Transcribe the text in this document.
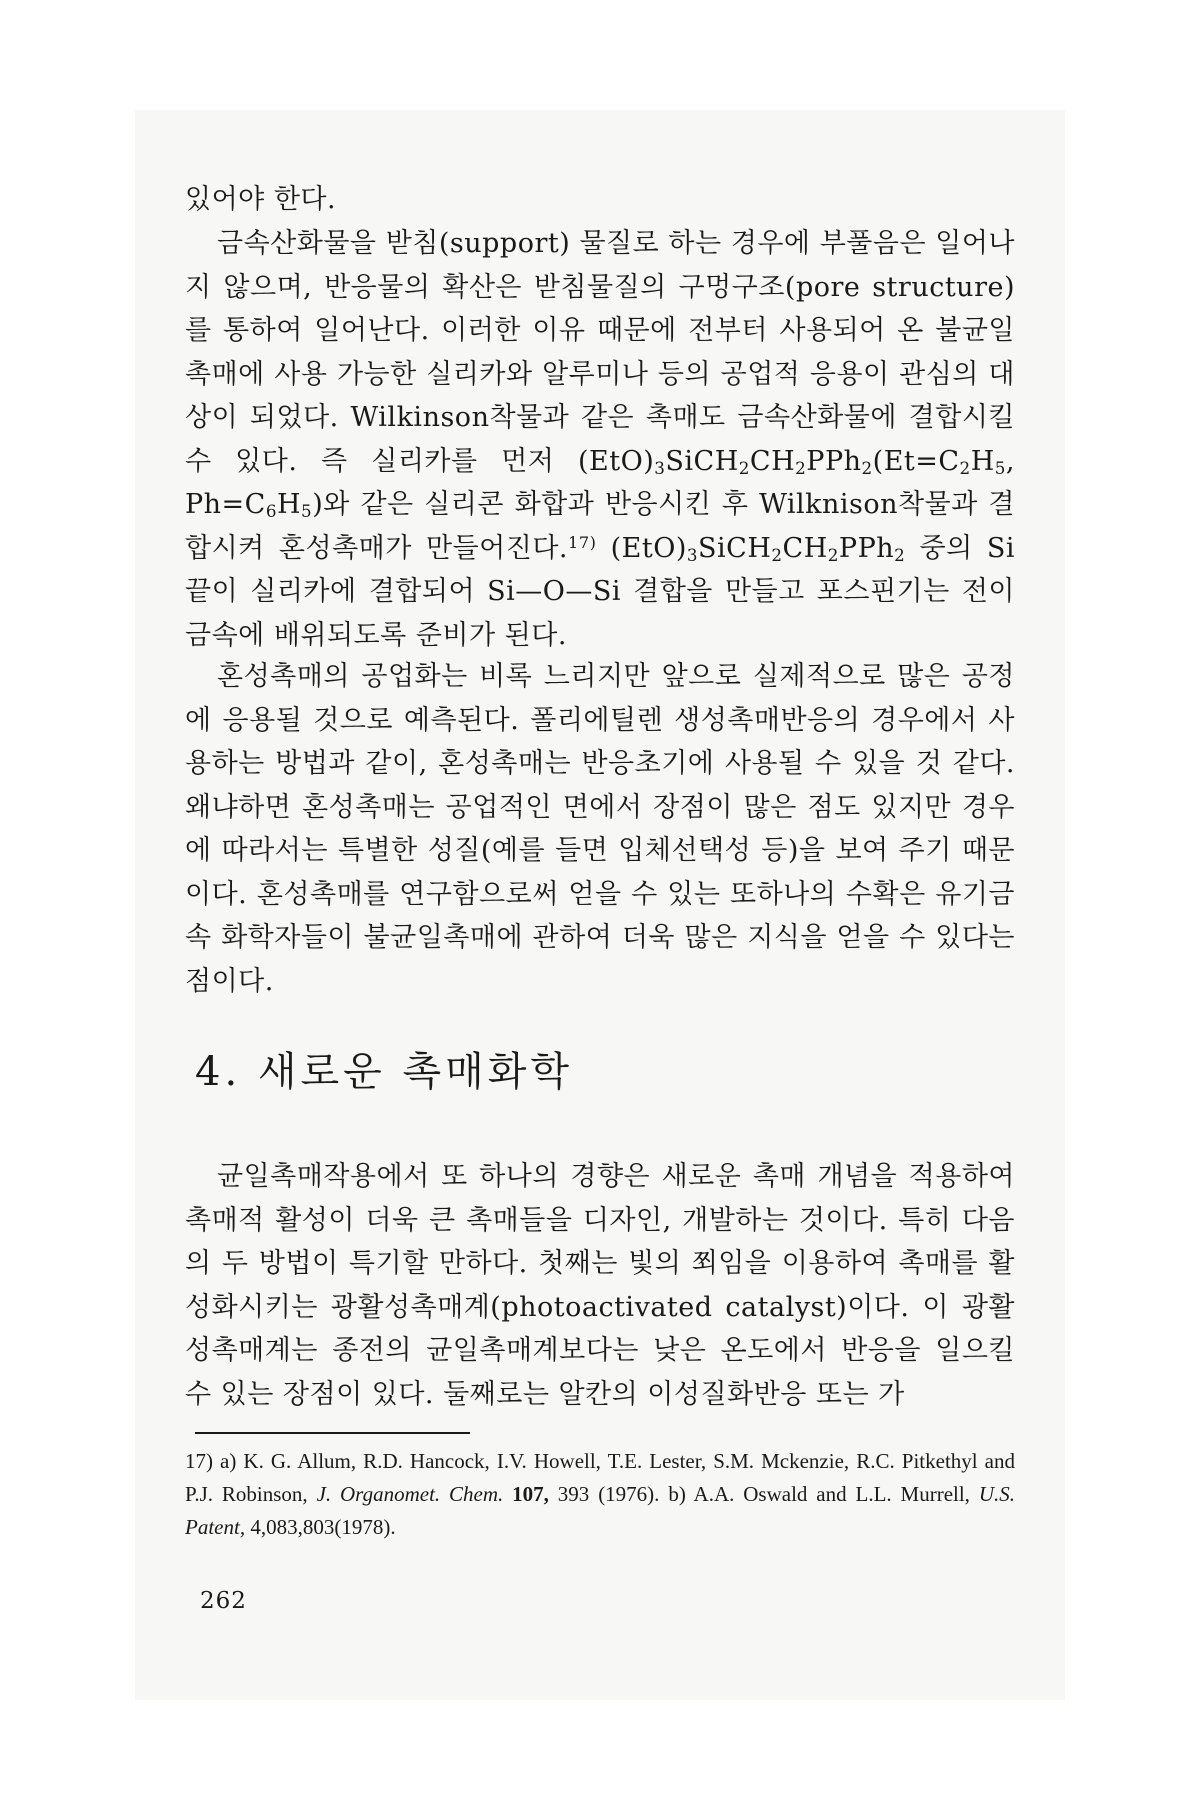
있어야 한다.
금속산화물을 받침(support) 물질로 하는 경우에 부풀음은 일어나지 않으며, 반응물의 확산은 받침물질의 구멍구조(pore structure)를 통하여 일어난다. 이러한 이유 때문에 전부터 사용되어 온 불균일촉매에 사용 가능한 실리카와 알루미나 등의 공업적 응용이 관심의 대상이 되었다. Wilkinson착물과 같은 촉매도 금속산화물에 결합시킬 수 있다. 즉 실리카를 먼저 $(EtO)_3SiCH_2CH_2PPh_2(Et=C_2H_5$, $Ph=C_6H_5$)와 같은 실리콘 화합과 반응시킨 후 Wilknison착물과 결합시켜 혼성촉매가 만들어진다.$^{17)}$ $(EtO)_3SiCH_2CH_2PPh_2$ 중의 Si끝이 실리카에 결합되어 Si—O—Si 결합을 만들고 포스핀기는 전이금속에 배위되도록 준비가 된다.
혼성촉매의 공업화는 비록 느리지만 앞으로 실제적으로 많은 공정에 응용될 것으로 예측된다. 폴리에틸렌 생성촉매반응의 경우에서 사용하는 방법과 같이, 혼성촉매는 반응초기에 사용될 수 있을 것 같다. 왜냐하면 혼성촉매는 공업적인 면에서 장점이 많은 점도 있지만 경우에 따라서는 특별한 성질(예를 들면 입체선택성 등)을 보여 주기 때문이다. 혼성촉매를 연구함으로써 얻을 수 있는 또하나의 수확은 유기금속 화학자들이 불균일촉매에 관하여 더욱 많은 지식을 얻을 수 있다는 점이다.
4. 새로운 촉매화학
균일촉매작용에서 또 하나의 경향은 새로운 촉매 개념을 적용하여 촉매적 활성이 더욱 큰 촉매들을 디자인, 개발하는 것이다. 특히 다음의 두 방법이 특기할 만하다. 첫째는 빛의 쬐임을 이용하여 촉매를 활성화시키는 광활성촉매계(photoactivated catalyst)이다. 이 광활성촉매계는 종전의 균일촉매계보다는 낮은 온도에서 반응을 일으킬 수 있는 장점이 있다. 둘째로는 알칸의 이성질화반응 또는 가
17) a) K. G. Allum, R.D. Hancock, I.V. Howell, T.E. Lester, S.M. Mckenzie, R.C. Pitkethyl and P.J. Robinson, J. Organomet. Chem. 107, 393 (1976). b) A.A. Oswald and L.L. Murrell, U.S. Patent, 4,083,803(1978).
262
